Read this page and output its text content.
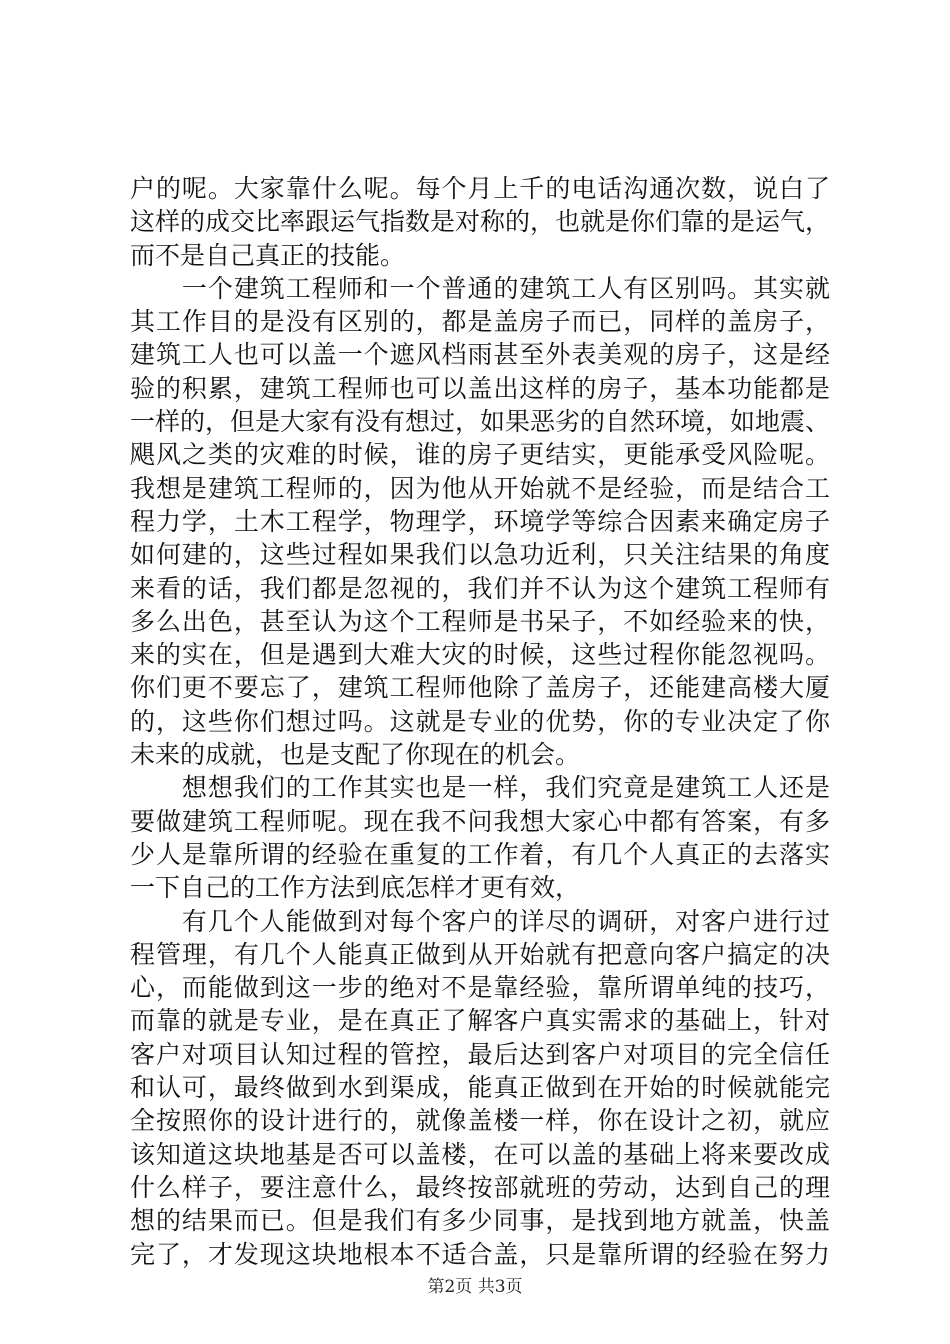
户的呢。大家靠什么呢。每个月上千的电话沟通次数，说白了
这样的成交比率跟运气指数是对称的，也就是你们靠的是运气，
而不是自己真正的技能。
　　一个建筑工程师和一个普通的建筑工人有区别吗。其实就
其工作目的是没有区别的，都是盖房子而已，同样的盖房子，
建筑工人也可以盖一个遮风档雨甚至外表美观的房子，这是经
验的积累，建筑工程师也可以盖出这样的房子，基本功能都是
一样的，但是大家有没有想过，如果恶劣的自然环境，如地震、
飓风之类的灾难的时候，谁的房子更结实，更能承受风险呢。
我想是建筑工程师的，因为他从开始就不是经验，而是结合工
程力学，土木工程学，物理学，环境学等综合因素来确定房子
如何建的，这些过程如果我们以急功近利，只关注结果的角度
来看的话，我们都是忽视的，我们并不认为这个建筑工程师有
多么出色，甚至认为这个工程师是书呆子，不如经验来的快，
来的实在，但是遇到大难大灾的时候，这些过程你能忽视吗。
你们更不要忘了，建筑工程师他除了盖房子，还能建高楼大厦
的，这些你们想过吗。这就是专业的优势，你的专业决定了你
未来的成就，也是支配了你现在的机会。
　　想想我们的工作其实也是一样，我们究竟是建筑工人还是
要做建筑工程师呢。现在我不问我想大家心中都有答案，有多
少人是靠所谓的经验在重复的工作着，有几个人真正的去落实
一下自己的工作方法到底怎样才更有效，
　　有几个人能做到对每个客户的详尽的调研，对客户进行过
程管理，有几个人能真正做到从开始就有把意向客户搞定的决
心，而能做到这一步的绝对不是靠经验，靠所谓单纯的技巧，
而靠的就是专业，是在真正了解客户真实需求的基础上，针对
客户对项目认知过程的管控，最后达到客户对项目的完全信任
和认可，最终做到水到渠成，能真正做到在开始的时候就能完
全按照你的设计进行的，就像盖楼一样，你在设计之初，就应
该知道这块地基是否可以盖楼，在可以盖的基础上将来要改成
什么样子，要注意什么，最终按部就班的劳动，达到自己的理
想的结果而已。但是我们有多少同事，是找到地方就盖，快盖
完了，才发现这块地根本不适合盖，只是靠所谓的经验在努力
第2页 共3页
